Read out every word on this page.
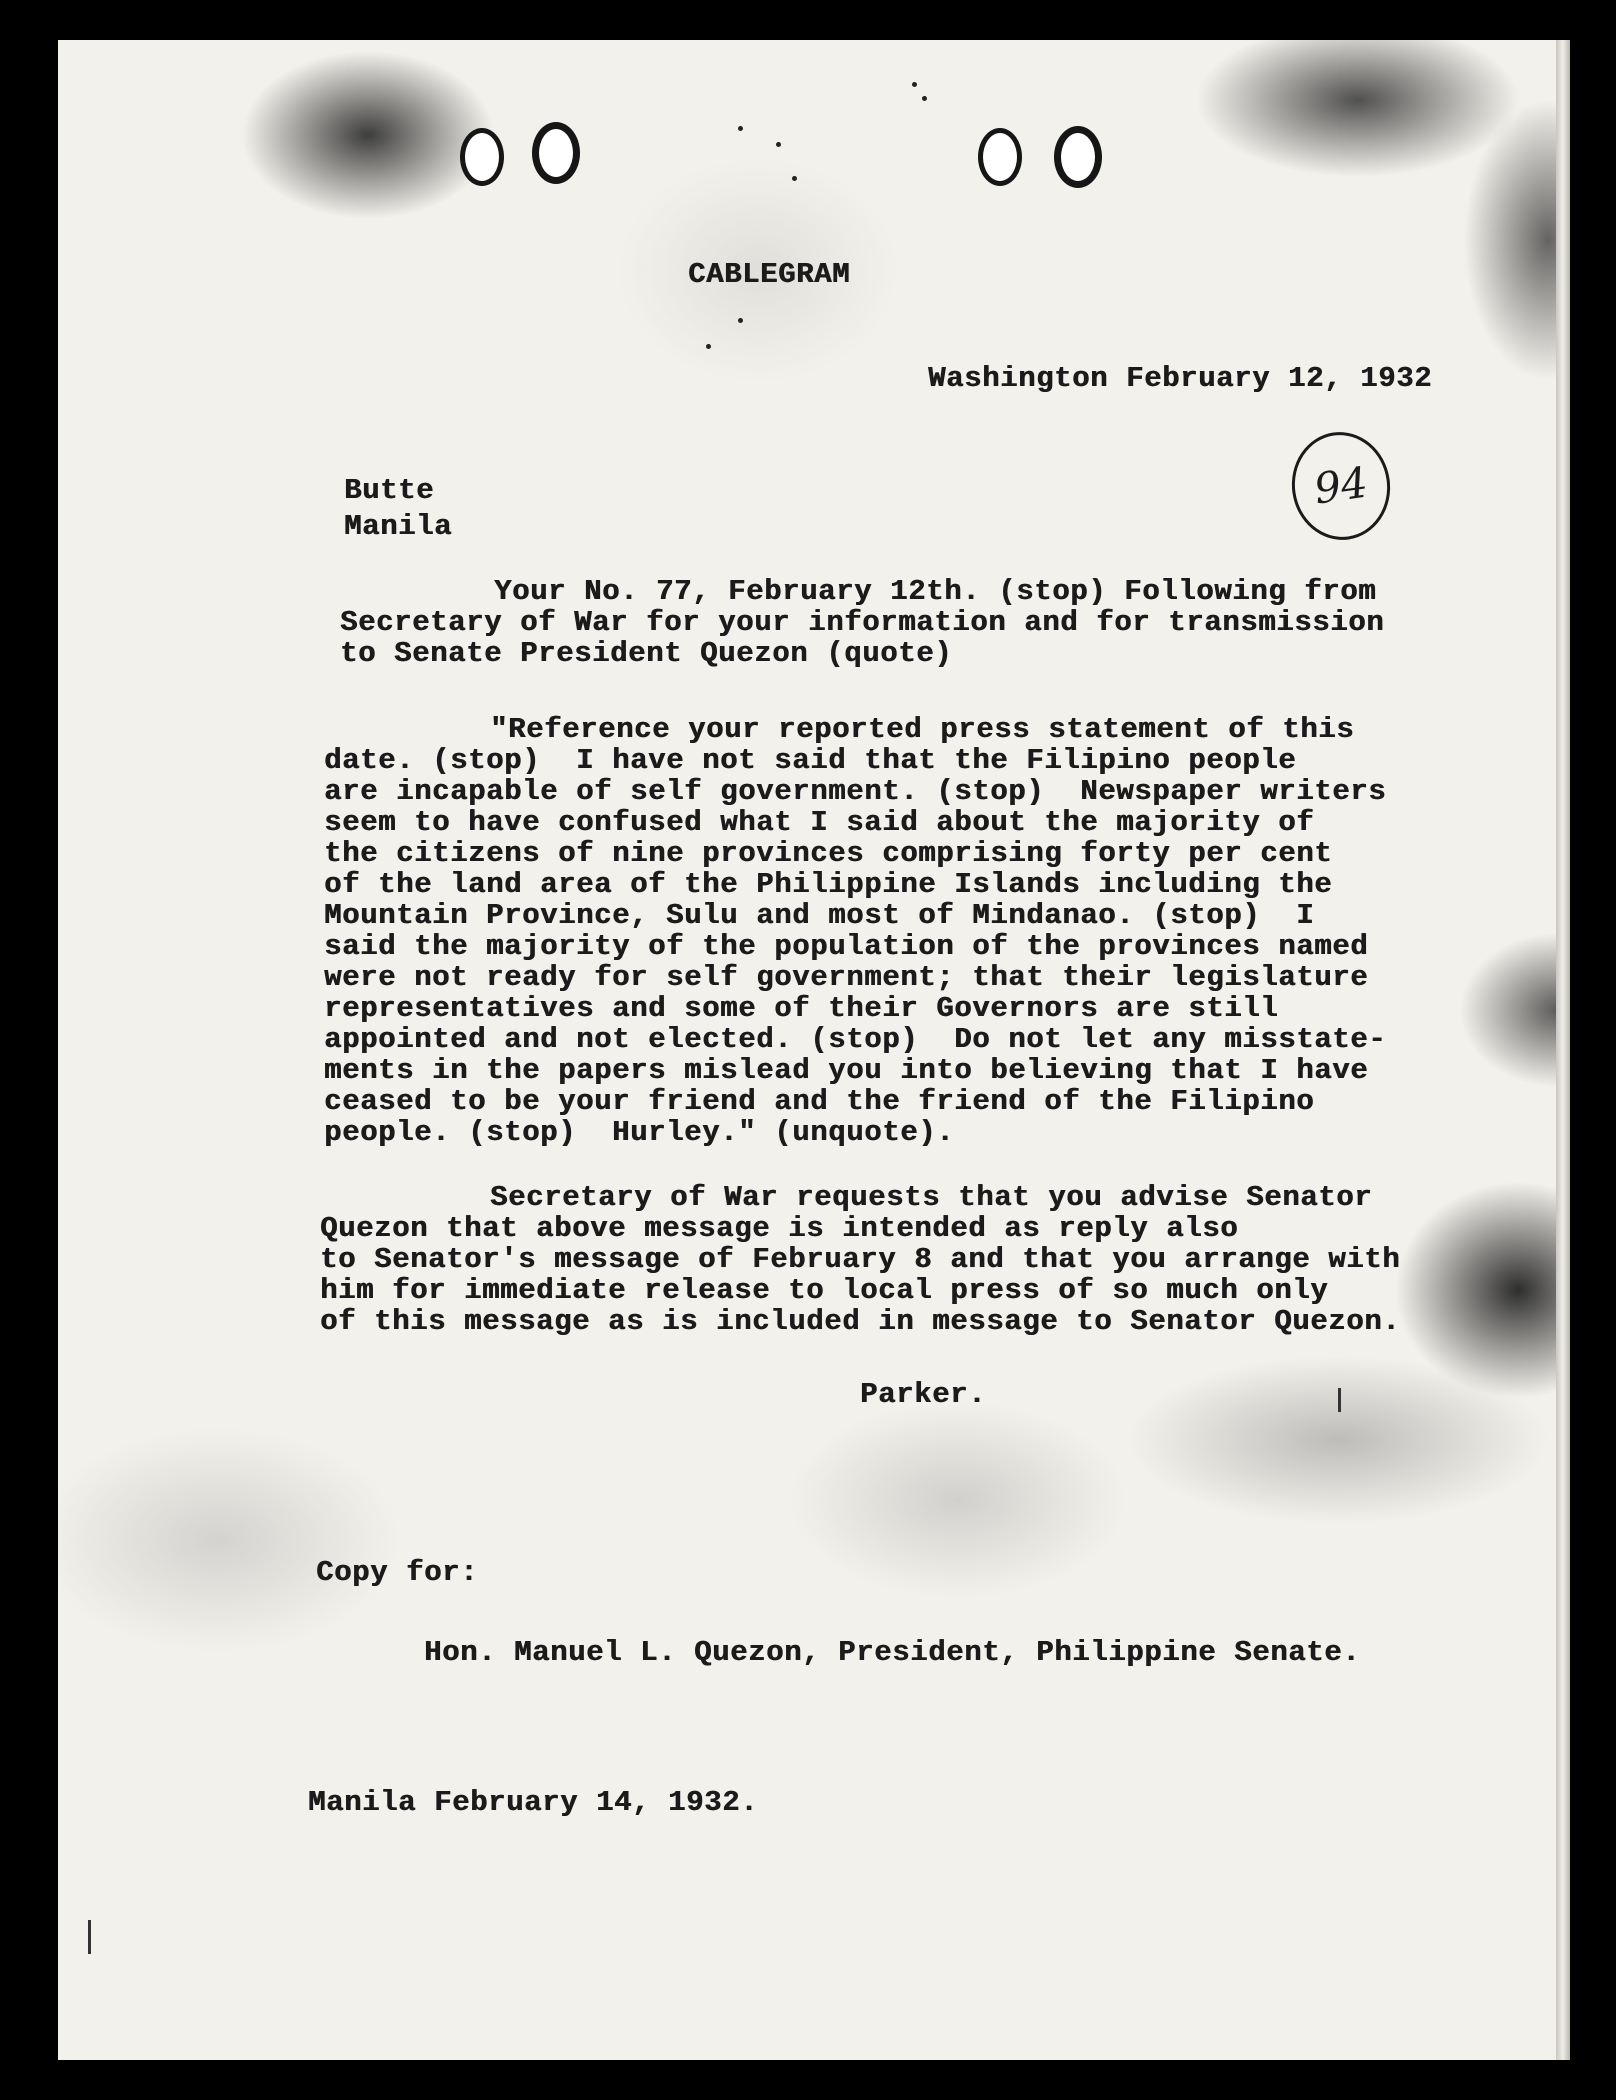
CABLEGRAM
Washington February 12, 1932
94
Butte
Manila
Your No. 77, February 12th. (stop) Following from
Secretary of War for your information and for transmission
to Senate President Quezon (quote)
"Reference your reported press statement of this
date. (stop)  I have not said that the Filipino people
are incapable of self government. (stop)  Newspaper writers
seem to have confused what I said about the majority of
the citizens of nine provinces comprising forty per cent
of the land area of the Philippine Islands including the
Mountain Province, Sulu and most of Mindanao. (stop)  I
said the majority of the population of the provinces named
were not ready for self government; that their legislature
representatives and some of their Governors are still
appointed and not elected. (stop)  Do not let any misstate-
ments in the papers mislead you into believing that I have
ceased to be your friend and the friend of the Filipino
people. (stop)  Hurley." (unquote).
Secretary of War requests that you advise Senator
Quezon that above message is intended as reply also
to Senator's message of February 8 and that you arrange with
him for immediate release to local press of so much only
of this message as is included in message to Senator Quezon.
Parker.
Copy for:
Hon. Manuel L. Quezon, President, Philippine Senate.
Manila February 14, 1932.
